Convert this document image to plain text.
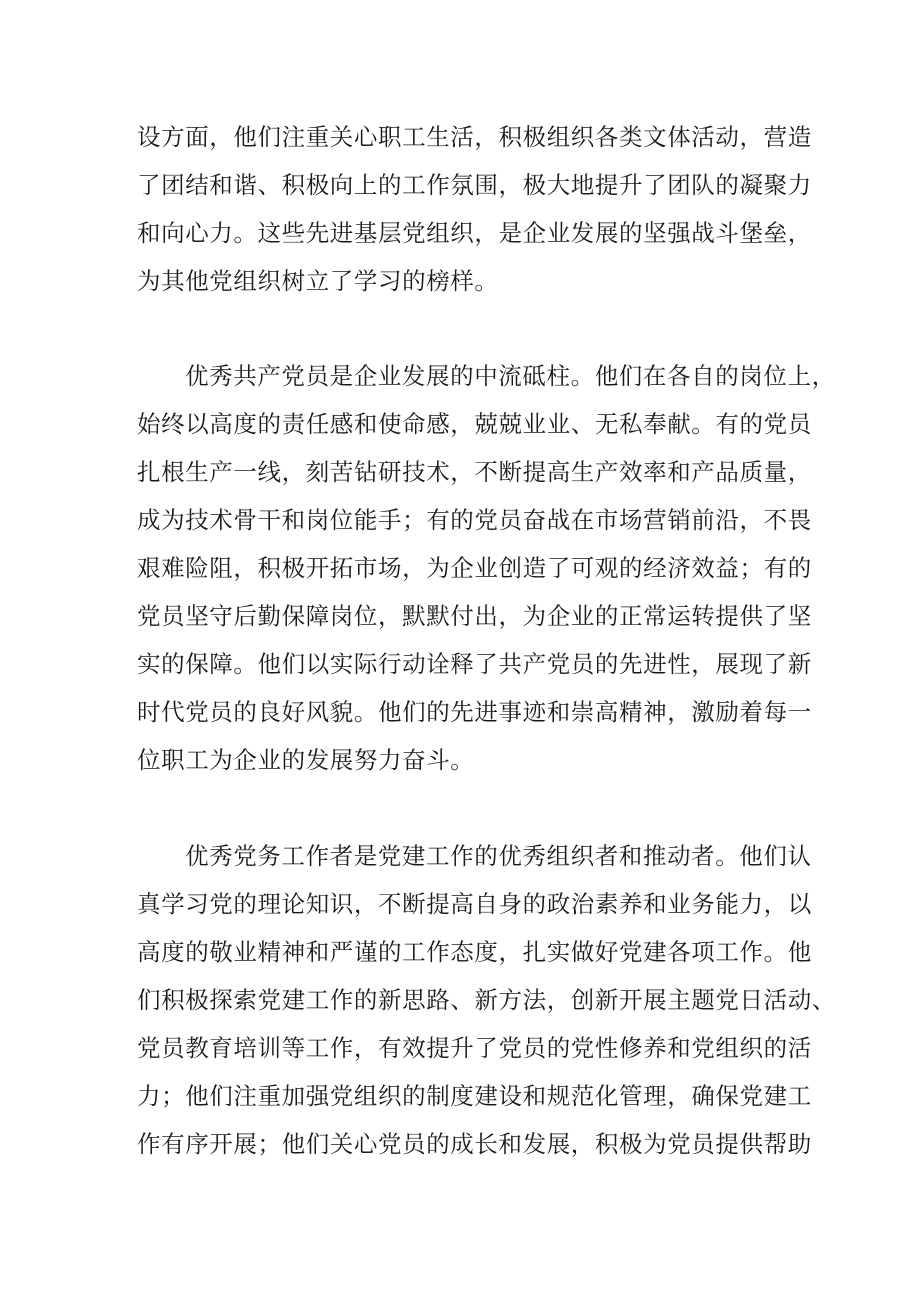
设方面，他们注重关心职工生活，积极组织各类文体活动，营造
了团结和谐、积极向上的工作氛围，极大地提升了团队的凝聚力
和向心力。这些先进基层党组织，是企业发展的坚强战斗堡垒，
为其他党组织树立了学习的榜样。
优秀共产党员是企业发展的中流砥柱。他们在各自的岗位上，
始终以高度的责任感和使命感，兢兢业业、无私奉献。有的党员
扎根生产一线，刻苦钻研技术，不断提高生产效率和产品质量，
成为技术骨干和岗位能手；有的党员奋战在市场营销前沿，不畏
艰难险阻，积极开拓市场，为企业创造了可观的经济效益；有的
党员坚守后勤保障岗位，默默付出，为企业的正常运转提供了坚
实的保障。他们以实际行动诠释了共产党员的先进性，展现了新
时代党员的良好风貌。他们的先进事迹和崇高精神，激励着每一
位职工为企业的发展努力奋斗。
优秀党务工作者是党建工作的优秀组织者和推动者。他们认
真学习党的理论知识，不断提高自身的政治素养和业务能力，以
高度的敬业精神和严谨的工作态度，扎实做好党建各项工作。他
们积极探索党建工作的新思路、新方法，创新开展主题党日活动、
党员教育培训等工作，有效提升了党员的党性修养和党组织的活
力；他们注重加强党组织的制度建设和规范化管理，确保党建工
作有序开展；他们关心党员的成长和发展，积极为党员提供帮助
